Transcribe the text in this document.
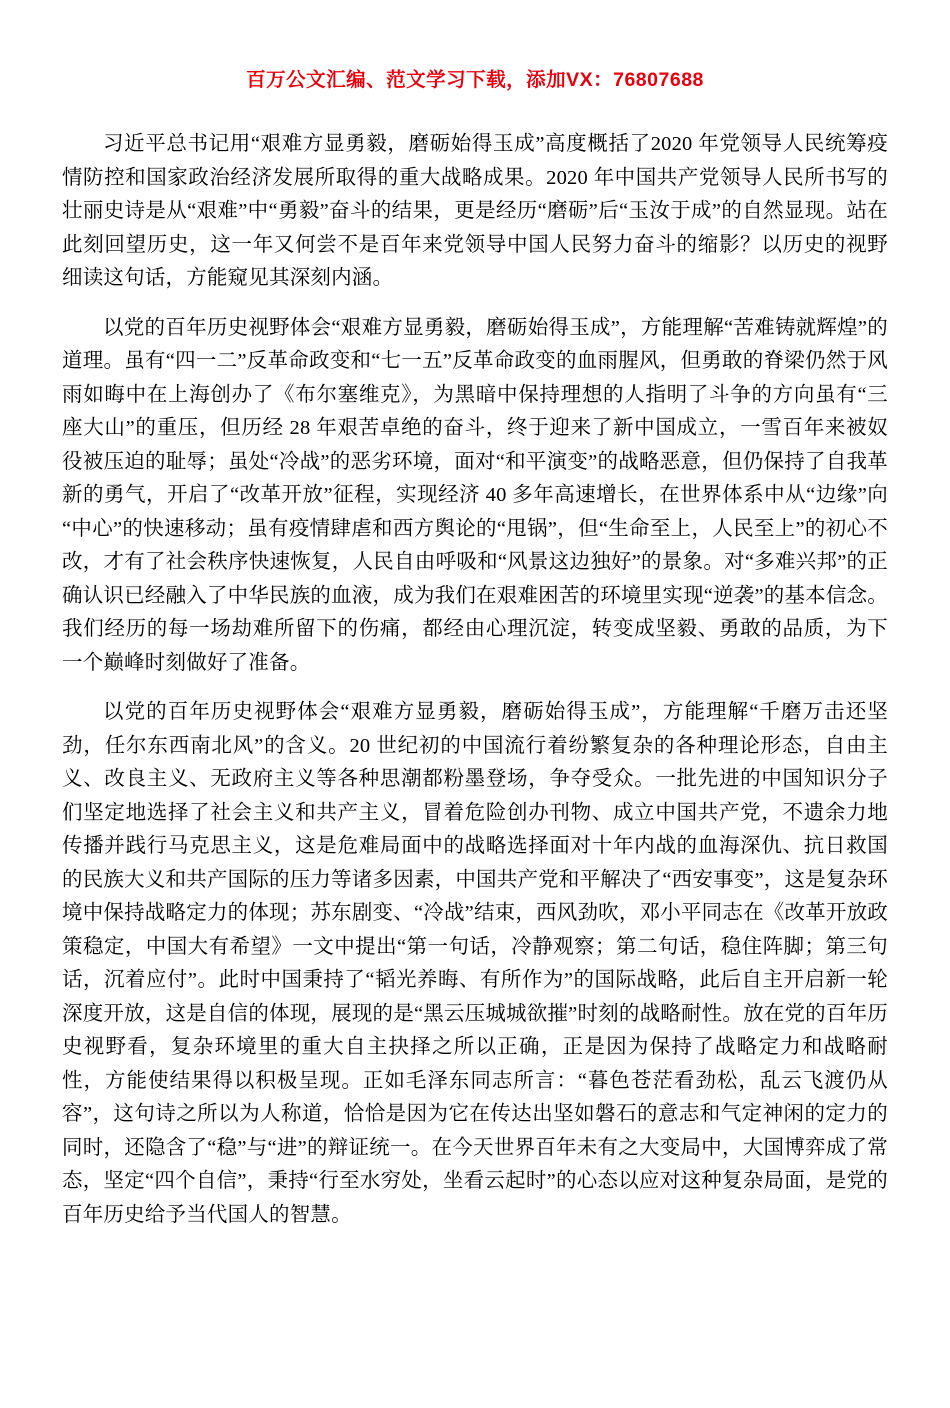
百万公文汇编、范文学习下载，添加VX：76807688

习近平总书记用“艰难方显勇毅，磨砺始得玉成”高度概括了2020 年党领导人民统筹疫情防控和国家政治经济发展所取得的重大战略成果。2020 年中国共产党领导人民所书写的壮丽史诗是从“艰难”中“勇毅”奋斗的结果，更是经历“磨砺”后“玉汝于成”的自然显现。站在此刻回望历史，这一年又何尝不是百年来党领导中国人民努力奋斗的缩影？以历史的视野细读这句话，方能窥见其深刻内涵。

以党的百年历史视野体会“艰难方显勇毅，磨砺始得玉成”，方能理解“苦难铸就辉煌”的道理。虽有“四一二”反革命政变和“七一五”反革命政变的血雨腥风，但勇敢的脊梁仍然于风雨如晦中在上海创办了《布尔塞维克》，为黑暗中保持理想的人指明了斗争的方向虽有“三座大山”的重压，但历经 28 年艰苦卓绝的奋斗，终于迎来了新中国成立，一雪百年来被奴役被压迫的耻辱；虽处“冷战”的恶劣环境，面对“和平演变”的战略恶意，但仍保持了自我革新的勇气，开启了“改革开放”征程，实现经济 40 多年高速增长，在世界体系中从“边缘”向“中心”的快速移动；虽有疫情肆虐和西方舆论的“甩锅”，但“生命至上，人民至上”的初心不改，才有了社会秩序快速恢复，人民自由呼吸和“风景这边独好”的景象。对“多难兴邦”的正确认识已经融入了中华民族的血液，成为我们在艰难困苦的环境里实现“逆袭”的基本信念。我们经历的每一场劫难所留下的伤痛，都经由心理沉淀，转变成坚毅、勇敢的品质，为下一个巅峰时刻做好了准备。

以党的百年历史视野体会“艰难方显勇毅，磨砺始得玉成”，方能理解“千磨万击还坚劲，任尔东西南北风”的含义。20 世纪初的中国流行着纷繁复杂的各种理论形态，自由主义、改良主义、无政府主义等各种思潮都粉墨登场，争夺受众。一批先进的中国知识分子们坚定地选择了社会主义和共产主义，冒着危险创办刊物、成立中国共产党，不遗余力地传播并践行马克思主义，这是危难局面中的战略选择面对十年内战的血海深仇、抗日救国的民族大义和共产国际的压力等诸多因素，中国共产党和平解决了“西安事变”，这是复杂环境中保持战略定力的体现；苏东剧变、“冷战”结束，西风劲吹，邓小平同志在《改革开放政策稳定，中国大有希望》一文中提出“第一句话，冷静观察；第二句话，稳住阵脚；第三句话，沉着应付”。此时中国秉持了“韬光养晦、有所作为”的国际战略，此后自主开启新一轮深度开放，这是自信的体现，展现的是“黑云压城城欲摧”时刻的战略耐性。放在党的百年历史视野看，复杂环境里的重大自主抉择之所以正确，正是因为保持了战略定力和战略耐性，方能使结果得以积极呈现。正如毛泽东同志所言：“暮色苍茫看劲松，乱云飞渡仍从容”，这句诗之所以为人称道，恰恰是因为它在传达出坚如磐石的意志和气定神闲的定力的同时，还隐含了“稳”与“进”的辩证统一。在今天世界百年未有之大变局中，大国博弈成了常态，坚定“四个自信”，秉持“行至水穷处，坐看云起时”的心态以应对这种复杂局面，是党的百年历史给予当代国人的智慧。
